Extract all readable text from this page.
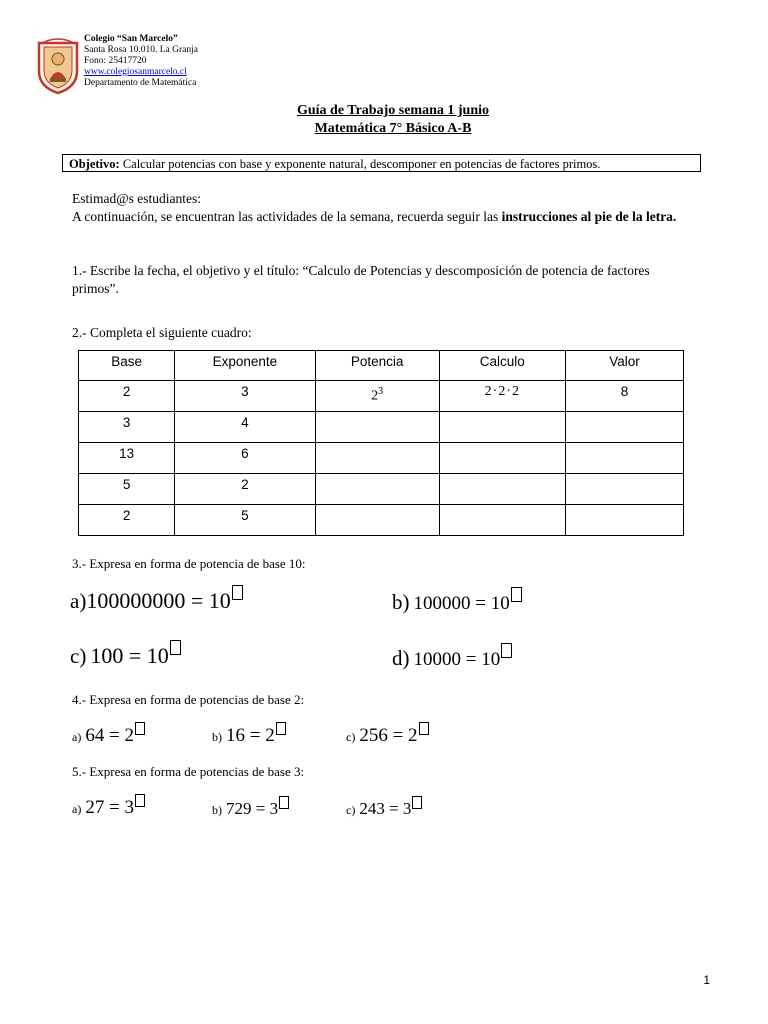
Colegio “San Marcelo”
Santa Rosa 10.010. La Granja
Fono: 25417720
www.colegiosanmarcelo.cl
Departamento de Matemática
Guía de Trabajo semana 1 junio
Matemática 7° Básico A-B
Objetivo: Calcular potencias con base y exponente natural, descomponer en potencias de factores primos.
Estimad@s estudiantes:
A continuación, se encuentran las actividades de la semana, recuerda seguir las instrucciones al pie de la letra.
1.- Escribe la fecha, el objetivo y el título: “Calculo de Potencias y descomposición de potencia de factores primos”.
2.- Completa el siguiente cuadro:
Base	Exponente	Potencia	Calculo	Valor
2	3	$2^3$	2·2·2	8
3	4			
13	6			
5	2			
2	5			
3.- Expresa en forma de potencia de base 10:
a)100000000 = 10	b) 100000 = 10
c) 100 = 10	d) 10000 = 10
4.- Expresa en forma de potencias de base 2:
a) 64 = 2	b) 16 = 2	c) 256 = 2
5.- Expresa en forma de potencias de base 3:
a) 27 = 3	b) 729 = 3	c) 243 = 3
1
